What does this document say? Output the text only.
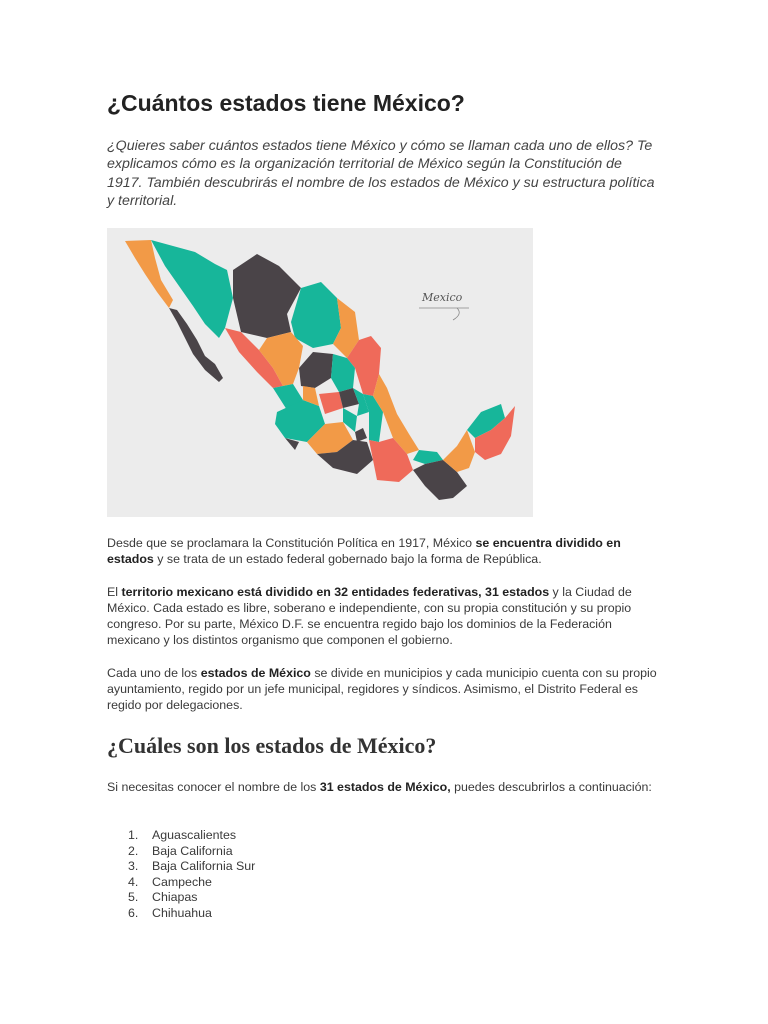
¿Cuántos estados tiene México?

¿Quieres saber cuántos estados tiene México y cómo se llaman cada uno de ellos? Te explicamos cómo es la organización territorial de México según la Constitución de 1917. También descubrirás el nombre de los estados de México y su estructura política y territorial.

Mexico

Desde que se proclamara la Constitución Política en 1917, México se encuentra dividido en estados y se trata de un estado federal gobernado bajo la forma de República.

El territorio mexicano está dividido en 32 entidades federativas, 31 estados y la Ciudad de México. Cada estado es libre, soberano e independiente, con su propia constitución y su propio congreso. Por su parte, México D.F. se encuentra regido bajo los dominios de la Federación mexicano y los distintos organismo que componen el gobierno.

Cada uno de los estados de México se divide en municipios y cada municipio cuenta con su propio ayuntamiento, regido por un jefe municipal, regidores y síndicos. Asimismo, el Distrito Federal es regido por delegaciones.

¿Cuáles son los estados de México?

Si necesitas conocer el nombre de los 31 estados de México, puedes descubrirlos a continuación:

1.	Aguascalientes
2.	Baja California
3.	Baja California Sur
4.	Campeche
5.	Chiapas
6.	Chihuahua
